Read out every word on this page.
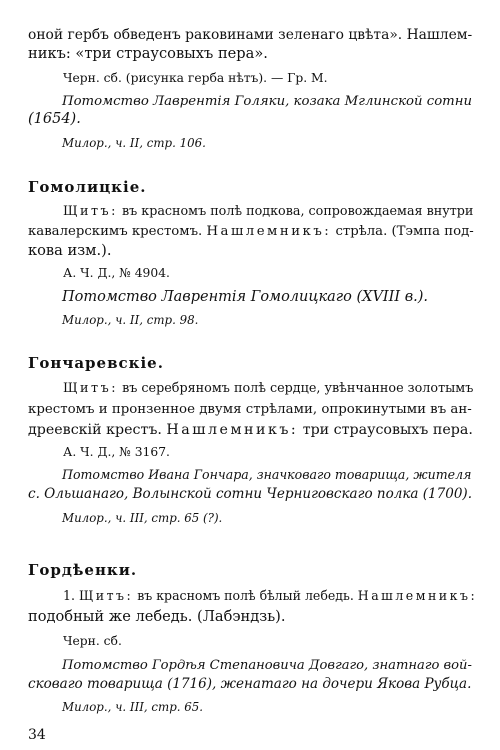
оной гербъ обведенъ раковинами зеленаго цвѣта». Нашлем-
никъ: «три страусовыхъ пера».
Черн. сб. (рисунка герба нѣтъ). — Гр. М.
Потомство Лаврентія Голяки, козака Мглинской сотни
(1654).
Милор., ч. II, стр. 106.
Гомолицкіе.
Щитъ: въ красномъ полѣ подкова, сопровождаемая внутри
кавалерскимъ крестомъ. Нашлемникъ: стрѣла. (Тэмпа под-
кова изм.).
А. Ч. Д., № 4904.
Потомство Лаврентія Гомолицкаго (XVIII в.).
Милор., ч. II, стр. 98.
Гончаревскіе.
Щитъ: въ серебряномъ полѣ сердце, увѣнчанное золотымъ
крестомъ и пронзенное двумя стрѣлами, опрокинутыми въ ан-
дреевскій крестъ. Нашлемникъ: три страусовыхъ пера.
А. Ч. Д., № 3167.
Потомство Ивана Гончара, значковаго товарища, жителя
с. Ольшанаго, Волынской сотни Черниговскаго полка (1700).
Милор., ч. III, стр. 65 (?).
Гордѣенки.
1. Щитъ: въ красномъ полѣ бѣлый лебедь. Нашлемникъ:
подобный же лебедь. (Лабэндзь).
Черн. сб.
Потомство Гордѣя Степановича Довгаго, знатнаго вой-
сковаго товарища (1716), женатаго на дочери Якова Рубца.
Милор., ч. III, стр. 65.
34
